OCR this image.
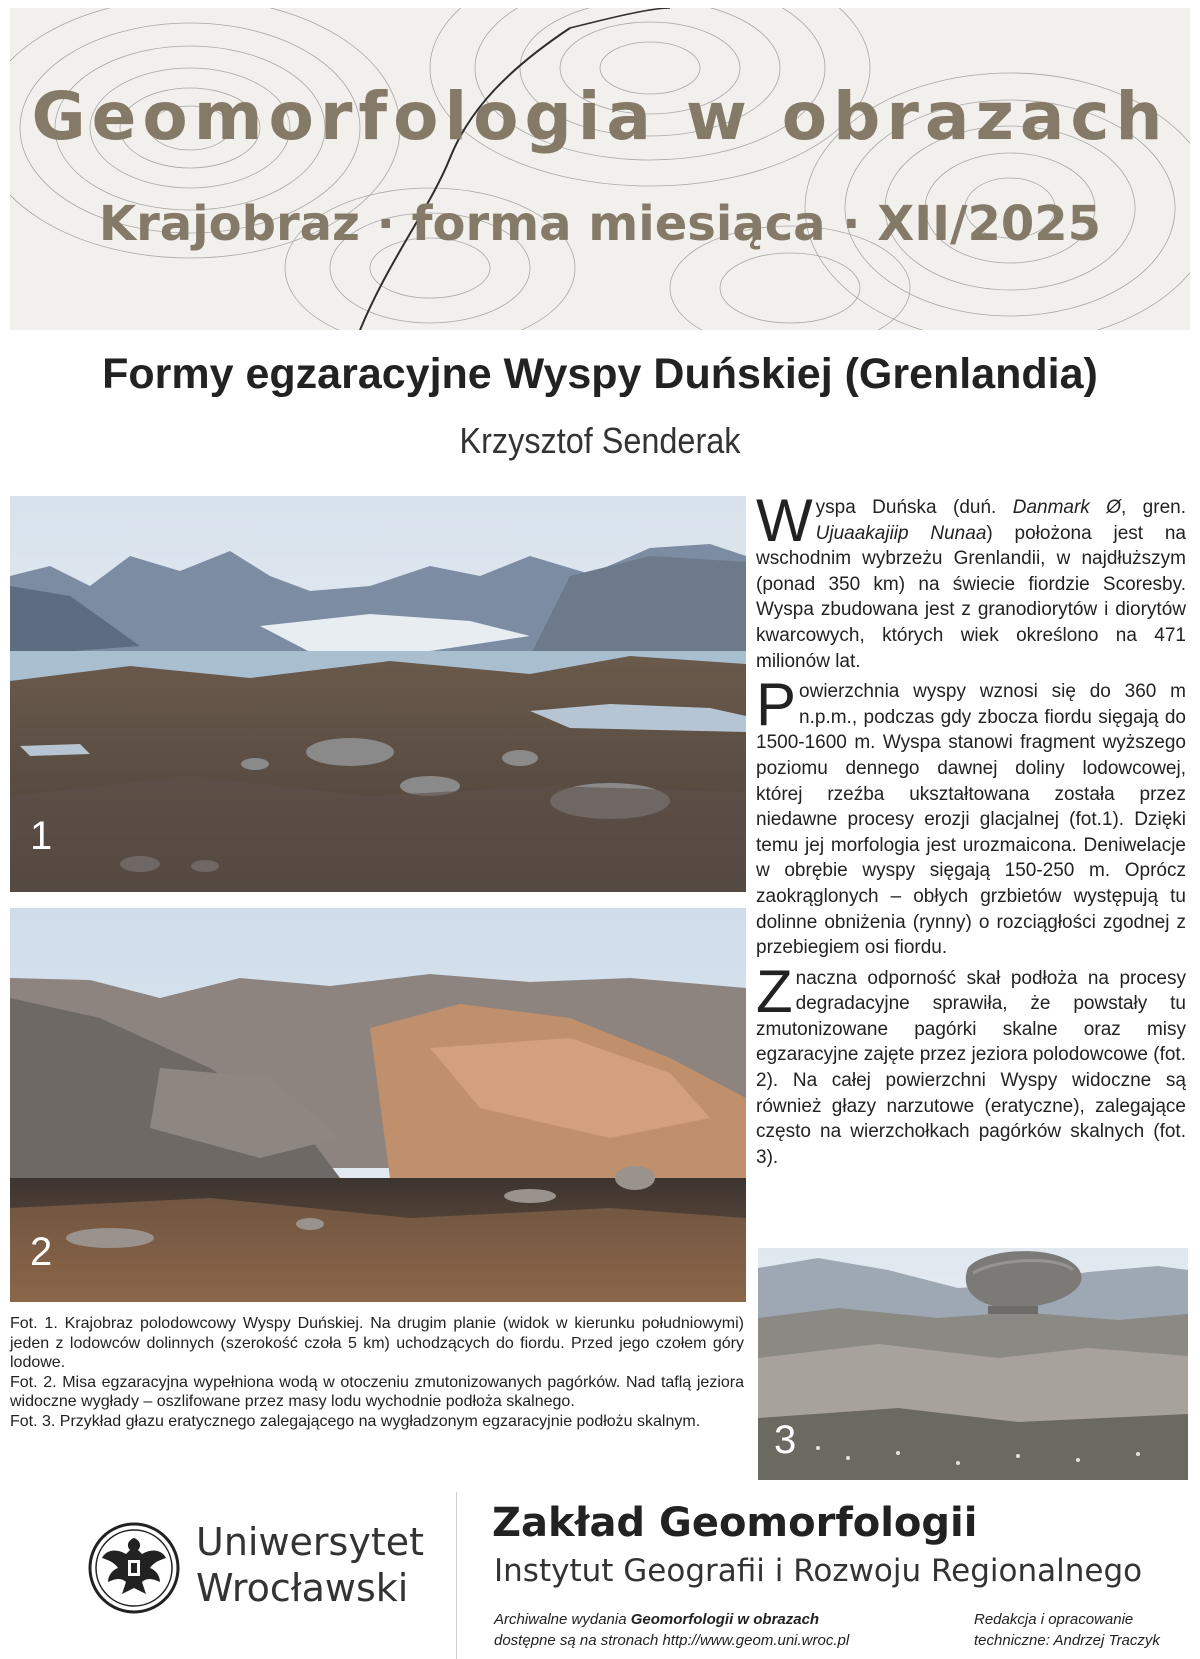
Geomorfologia w obrazach
Krajobraz · forma miesiąca · XII/2025
Formy egzaracyjne Wyspy Duńskiej (Grenlandia)
Krzysztof Senderak
1
2

Wyspa Duńska (duń. Danmark Ø, gren. Ujuaakajiip Nunaa) położona jest na wschodnim wybrzeżu Grenlandii, w najdłuższym (ponad 350 km) na świecie fiordzie Scoresby. Wyspa zbudowana jest z granodiorytów i diorytów kwarcowych, których wiek określono na 471 milionów lat.

Powierzchnia wyspy wznosi się do 360 m n.p.m., podczas gdy zbocza fiordu sięgają do 1500-1600 m. Wyspa stanowi fragment wyższego poziomu dennego dawnej doliny lodowcowej, której rzeźba ukształtowana została przez niedawne procesy erozji glacjalnej (fot.1). Dzięki temu jej morfologia jest urozmaicona. Deniwelacje w obrębie wyspy sięgają 150-250 m. Oprócz zaokrąglonych – obłych grzbietów występują tu dolinne obniżenia (rynny) o rozciągłości zgodnej z przebiegiem osi fiordu.

Znaczna odporność skał podłoża na procesy degradacyjne sprawiła, że powstały tu zmutonizowane pagórki skalne oraz misy egzaracyjne zajęte przez jeziora polodowcowe (fot. 2). Na całej powierzchni Wyspy widoczne są również głazy narzutowe (eratyczne), zalegające często na wierzchołkach pagórków skalnych (fot. 3).

3

Fot. 1. Krajobraz polodowcowy Wyspy Duńskiej. Na drugim planie (widok w kierunku południowymi) jeden z lodowców dolinnych (szerokość czoła 5 km) uchodzących do fiordu. Przed jego czołem góry lodowe.

Fot. 2. Misa egzaracyjna wypełniona wodą w otoczeniu zmutonizowanych pagórków. Nad taflą jeziora widoczne wygłady – oszlifowane przez masy lodu wychodnie podłoża skalnego.

Fot. 3. Przykład głazu eratycznego zalegającego na wygładzonym egzaracyjnie podłożu skalnym.

Uniwersytet
Wrocławski
Zakład Geomorfologii
Instytut Geografii i Rozwoju Regionalnego
Archiwalne wydania Geomorfologii w obrazach
dostępne są na stronach http://www.geom.uni.wroc.pl
Redakcja i opracowanie
techniczne: Andrzej Traczyk
